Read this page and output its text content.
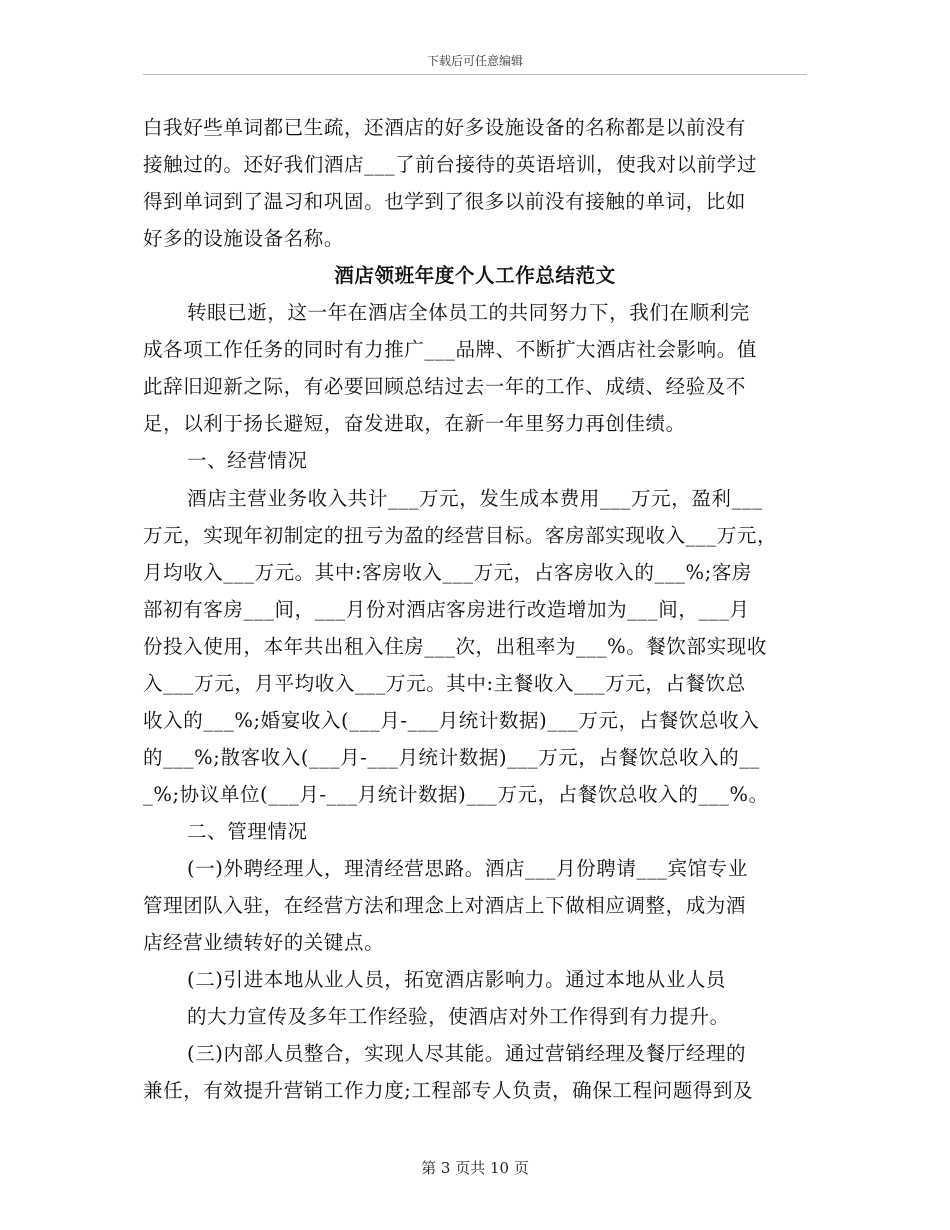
下载后可任意编辑
白我好些单词都已生疏，还酒店的好多设施设备的名称都是以前没有
接触过的。还好我们酒店___了前台接待的英语培训，使我对以前学过
得到单词到了温习和巩固。也学到了很多以前没有接触的单词，比如
好多的设施设备名称。
酒店领班年度个人工作总结范文
转眼已逝，这一年在酒店全体员工的共同努力下，我们在顺利完
成各项工作任务的同时有力推广___品牌、不断扩大酒店社会影响。值
此辞旧迎新之际，有必要回顾总结过去一年的工作、成绩、经验及不
足，以利于扬长避短，奋发进取，在新一年里努力再创佳绩。
一、经营情况
酒店主营业务收入共计___万元，发生成本费用___万元，盈利___
万元，实现年初制定的扭亏为盈的经营目标。客房部实现收入___万元，
月均收入___万元。其中:客房收入___万元，占客房收入的___%;客房
部初有客房___间，___月份对酒店客房进行改造增加为___间，___月
份投入使用，本年共出租入住房___次，出租率为___%。餐饮部实现收
入___万元，月平均收入___万元。其中:主餐收入___万元，占餐饮总
收入的___%;婚宴收入(___月-___月统计数据)___万元，占餐饮总收入
的___%;散客收入(___月-___月统计数据)___万元，占餐饮总收入的__
_%;协议单位(___月-___月统计数据)___万元，占餐饮总收入的___%。
二、管理情况
(一)外聘经理人，理清经营思路。酒店___月份聘请___宾馆专业
管理团队入驻，在经营方法和理念上对酒店上下做相应调整，成为酒
店经营业绩转好的关键点。
(二)引进本地从业人员，拓宽酒店影响力。通过本地从业人员
的大力宣传及多年工作经验，使酒店对外工作得到有力提升。
(三)内部人员整合，实现人尽其能。通过营销经理及餐厅经理的
兼任，有效提升营销工作力度;工程部专人负责，确保工程问题得到及
第 3 页共 10 页
